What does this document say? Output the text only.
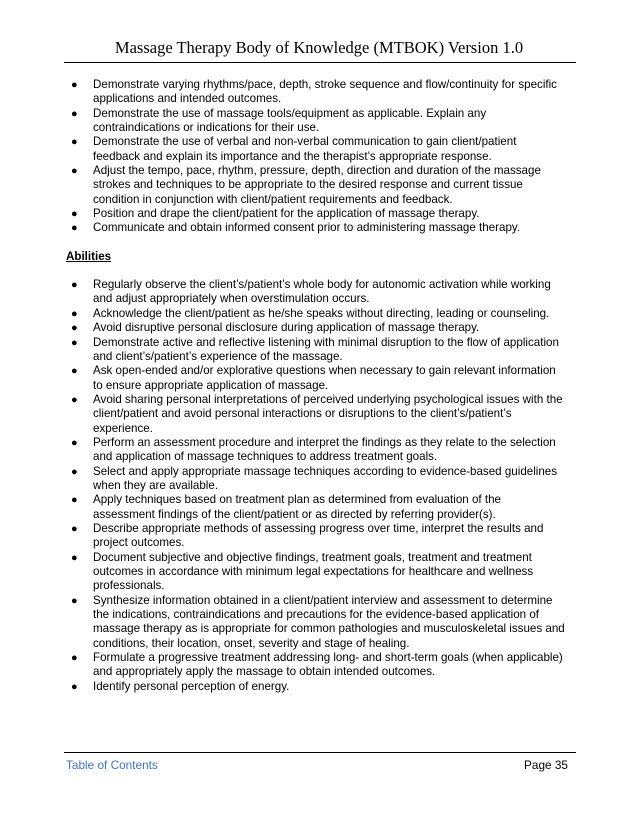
Massage Therapy Body of Knowledge (MTBOK) Version 1.0
● Demonstrate varying rhythms/pace, depth, stroke sequence and flow/continuity for specific applications and intended outcomes.
● Demonstrate the use of massage tools/equipment as applicable. Explain any contraindications or indications for their use.
● Demonstrate the use of verbal and non-verbal communication to gain client/patient feedback and explain its importance and the therapist’s appropriate response.
● Adjust the tempo, pace, rhythm, pressure, depth, direction and duration of the massage strokes and techniques to be appropriate to the desired response and current tissue condition in conjunction with client/patient requirements and feedback.
● Position and drape the client/patient for the application of massage therapy.
● Communicate and obtain informed consent prior to administering massage therapy.
Abilities
● Regularly observe the client’s/patient’s whole body for autonomic activation while working and adjust appropriately when overstimulation occurs.
● Acknowledge the client/patient as he/she speaks without directing, leading or counseling.
● Avoid disruptive personal disclosure during application of massage therapy.
● Demonstrate active and reflective listening with minimal disruption to the flow of application and client’s/patient’s experience of the massage.
● Ask open-ended and/or explorative questions when necessary to gain relevant information to ensure appropriate application of massage.
● Avoid sharing personal interpretations of perceived underlying psychological issues with the client/patient and avoid personal interactions or disruptions to the client’s/patient’s experience.
● Perform an assessment procedure and interpret the findings as they relate to the selection and application of massage techniques to address treatment goals.
● Select and apply appropriate massage techniques according to evidence-based guidelines when they are available.
● Apply techniques based on treatment plan as determined from evaluation of the assessment findings of the client/patient or as directed by referring provider(s).
● Describe appropriate methods of assessing progress over time, interpret the results and project outcomes.
● Document subjective and objective findings, treatment goals, treatment and treatment outcomes in accordance with minimum legal expectations for healthcare and wellness professionals.
● Synthesize information obtained in a client/patient interview and assessment to determine the indications, contraindications and precautions for the evidence-based application of massage therapy as is appropriate for common pathologies and musculoskeletal issues and conditions, their location, onset, severity and stage of healing.
● Formulate a progressive treatment addressing long- and short-term goals (when applicable) and appropriately apply the massage to obtain intended outcomes.
● Identify personal perception of energy.
Table of Contents	Page 35
